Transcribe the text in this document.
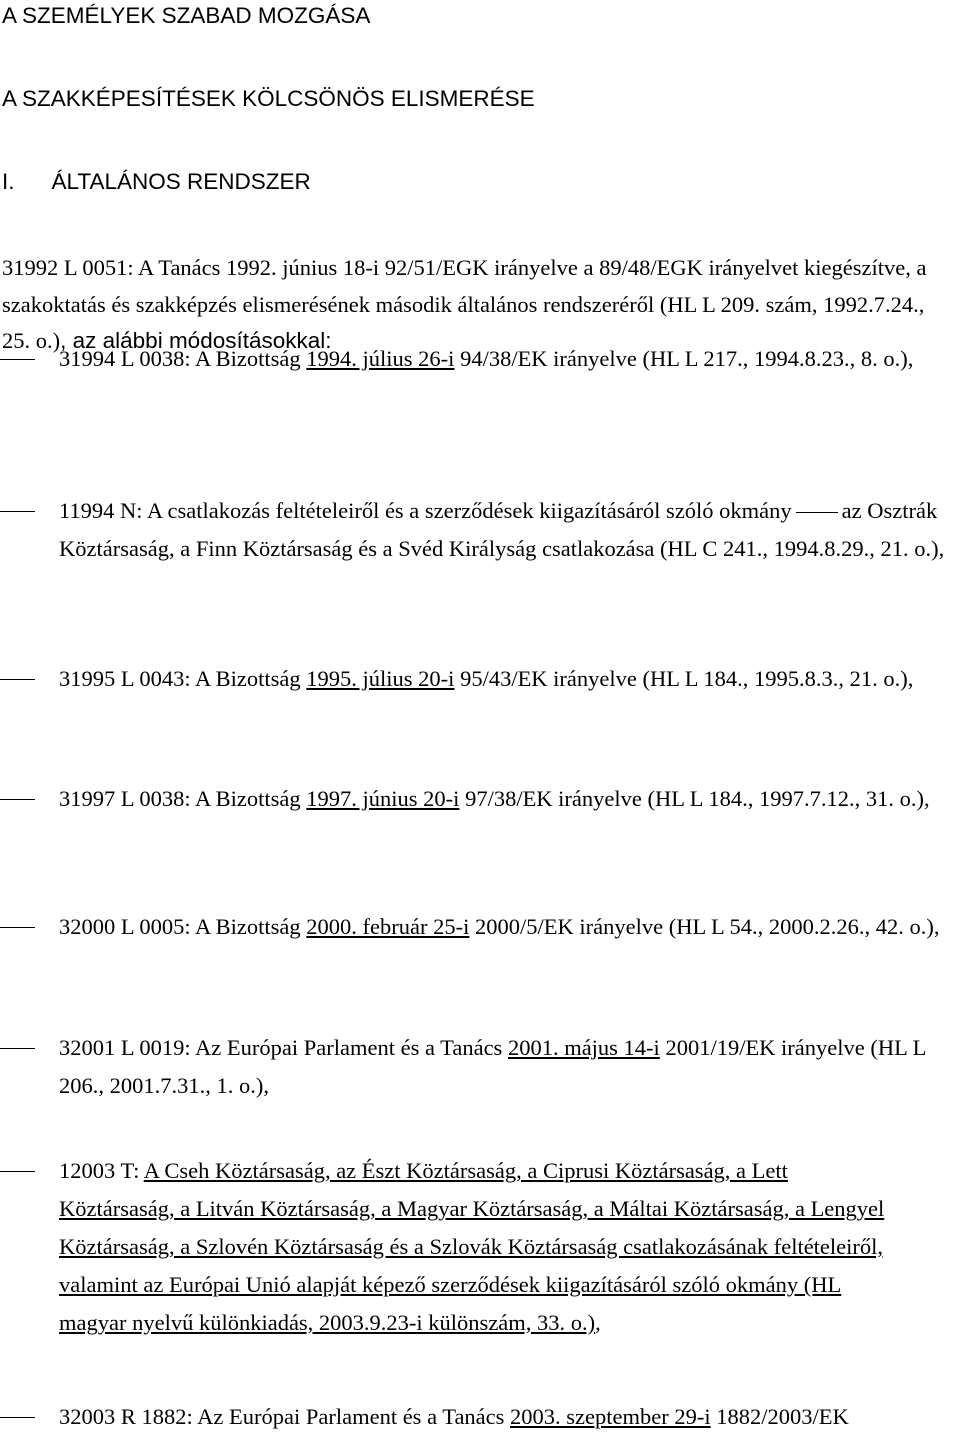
A SZEMÉLYEK SZABAD MOZGÁSA
A SZAKKÉPESÍTÉSEK KÖLCSÖNÖS ELISMERÉSE
I. ÁLTALÁNOS RENDSZER
31992 L 0051: A Tanács 1992. június 18-i 92/51/EGK irányelve a 89/48/EGK irányelvet kiegészítve, a szakoktatás és szakképzés elismerésének második általános rendszeréről (HL L 209. szám, 1992.7.24., 25. o.), az alábbi módosításokkal:
31994 L 0038: A Bizottság 1994. július 26-i 94/38/EK irányelve (HL L 217., 1994.8.23., 8. o.),
11994 N: A csatlakozás feltételeiről és a szerződések kiigazításáról szóló okmány az Osztrák Köztársaság, a Finn Köztársaság és a Svéd Királyság csatlakozása (HL C 241., 1994.8.29., 21. o.),
31995 L 0043: A Bizottság 1995. július 20-i 95/43/EK irányelve (HL L 184., 1995.8.3., 21. o.),
31997 L 0038: A Bizottság 1997. június 20-i 97/38/EK irányelve (HL L 184., 1997.7.12., 31. o.),
32000 L 0005: A Bizottság 2000. február 25-i 2000/5/EK irányelve (HL L 54., 2000.2.26., 42. o.),
32001 L 0019: Az Európai Parlament és a Tanács 2001. május 14-i 2001/19/EK irányelve (HL L 206., 2001.7.31., 1. o.),
12003 T: A Cseh Köztársaság, az Észt Köztársaság, a Ciprusi Köztársaság, a Lett
Köztársaság, a Litván Köztársaság, a Magyar Köztársaság, a Máltai Köztársaság, a Lengyel
Köztársaság, a Szlovén Köztársaság és a Szlovák Köztársaság csatlakozásának feltételeiről,
valamint az Európai Unió alapját képező szerződések kiigazításáról szóló okmány (HL
magyar nyelvű különkiadás, 2003.9.23-i különszám, 33. o.),
32003 R 1882: Az Európai Parlament és a Tanács 2003. szeptember 29-i 1882/2003/EK
